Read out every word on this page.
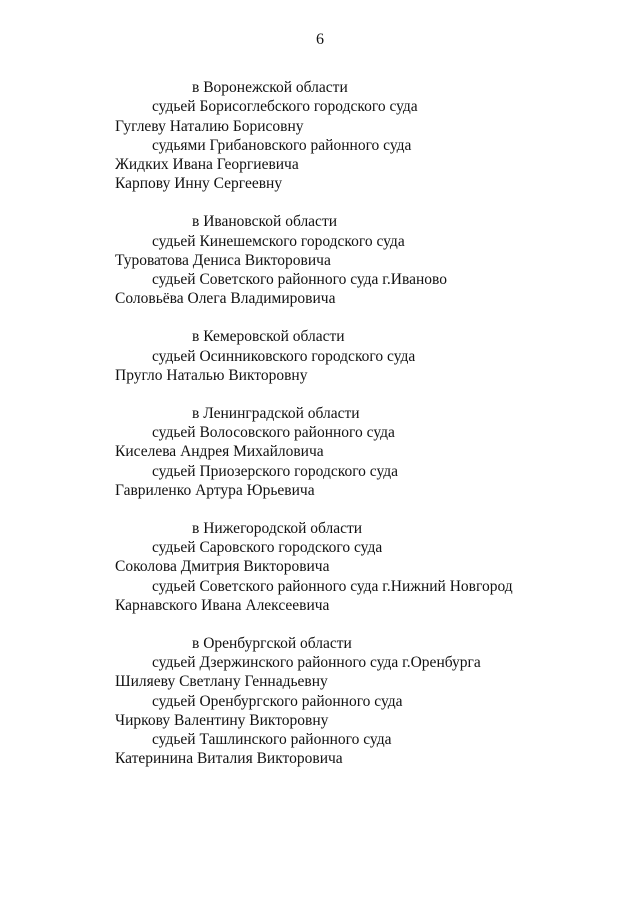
6
в Воронежской области
судьей Борисоглебского городского суда
Гуглеву Наталию Борисовну
судьями Грибановского районного суда
Жидких Ивана Георгиевича
Карпову Инну Сергеевну
в Ивановской области
судьей Кинешемского городского суда
Туроватова Дениса Викторовича
судьей Советского районного суда г.Иваново
Соловьёва Олега Владимировича
в Кемеровской области
судьей Осинниковского городского суда
Пругло Наталью Викторовну
в Ленинградской области
судьей Волосовского районного суда
Киселева Андрея Михайловича
судьей Приозерского городского суда
Гавриленко Артура Юрьевича
в Нижегородской области
судьей Саровского городского суда
Соколова Дмитрия Викторовича
судьей Советского районного суда г.Нижний Новгород
Карнавского Ивана Алексеевича
в Оренбургской области
судьей Дзержинского районного суда г.Оренбурга
Шиляеву Светлану Геннадьевну
судьей Оренбургского районного суда
Чиркову Валентину Викторовну
судьей Ташлинского районного суда
Катеринина Виталия Викторовича
